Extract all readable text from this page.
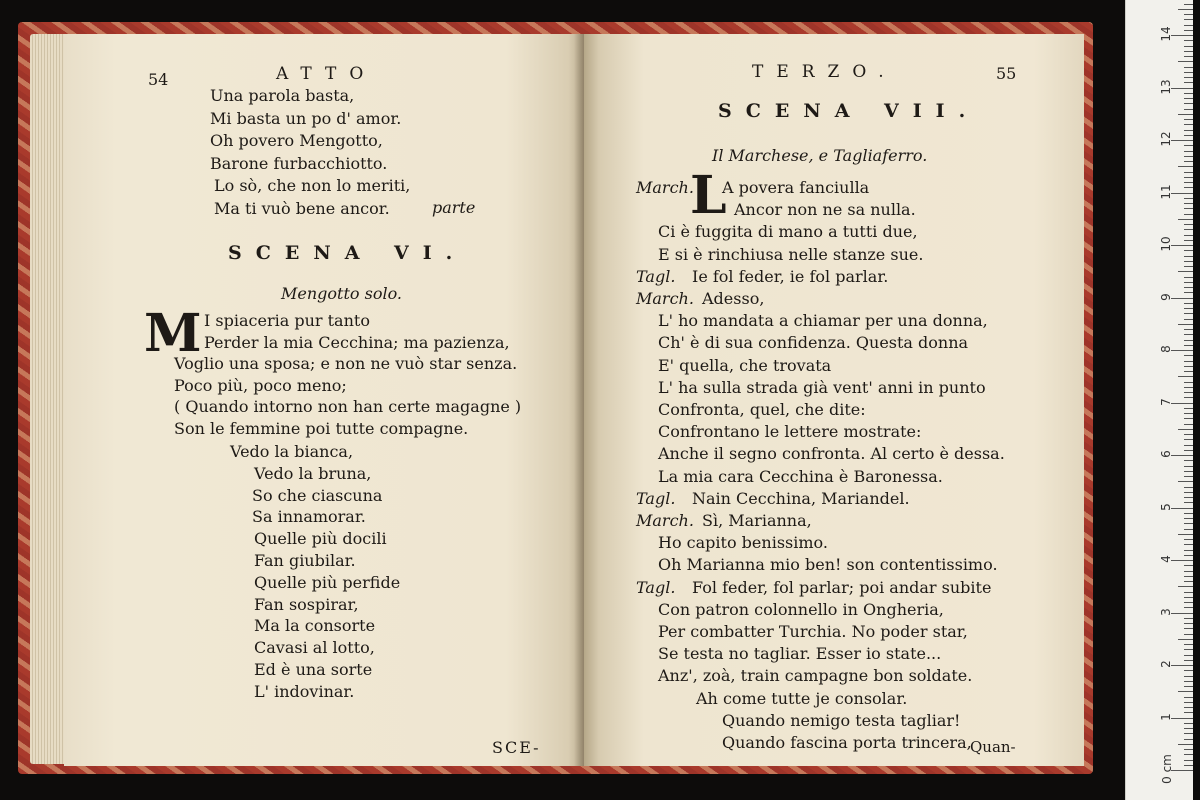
54	ATTO
Una parola basta,
Mi basta un po d' amor.
Oh povero Mengotto,
Barone furbacchiotto.
Lo sò, che non lo meriti,
Ma ti vuò bene ancor.	parte
SCENA VI.
Mengotto solo.
M I spiaceria pur tanto
Perder la mia Cecchina; ma pazienza,
Voglio una sposa; e non ne vuò star senza.
Poco più, poco meno;
( Quando intorno non han certe magagne )
Son le femmine poi tutte compagne.
Vedo la bianca,
Vedo la bruna,
So che ciascuna
Sa innamorar.
Quelle più docili
Fan giubilar.
Quelle più perfide
Fan sospirar,
Ma la consorte
Cavasi al lotto,
Ed è una sorte
L' indovinar.
SCE-
TERZO.	55
SCENA VII.
Il Marchese, e Tagliaferro.
March.
L
A povera fanciulla
Ancor non ne sa nulla.
Ci è fuggita di mano a tutti due,
E si è rinchiusa nelle stanze sue.
Tagl. Ie fol feder, ie fol parlar.
March. Adesso,
L' ho mandata a chiamar per una donna,
Ch' è di sua confidenza. Questa donna
E' quella, che trovata
L' ha sulla strada già vent' anni in punto
Confronta, quel, che dite:
Confrontano le lettere mostrate:
Anche il segno confronta. Al certo è dessa.
La mia cara Cecchina è Baronessa.
Tagl. Nain Cecchina, Mariandel.
March. Sì, Marianna,
Ho capito benissimo.
Oh Marianna mio ben! son contentissimo.
Tagl. Fol feder, fol parlar; poi andar subite
Con patron colonnello in Ongheria,
Per combatter Turchia. No poder star,
Se testa no tagliar. Esser io state...
Anz', zoà, train campagne bon soldate.
Ah come tutte je consolar.
Quando nemigo testa tagliar!
Quando fascina porta trincera,
Quan-
0 cm
1
2
3
4
5
6
7
8
9
10
11
12
13
14
